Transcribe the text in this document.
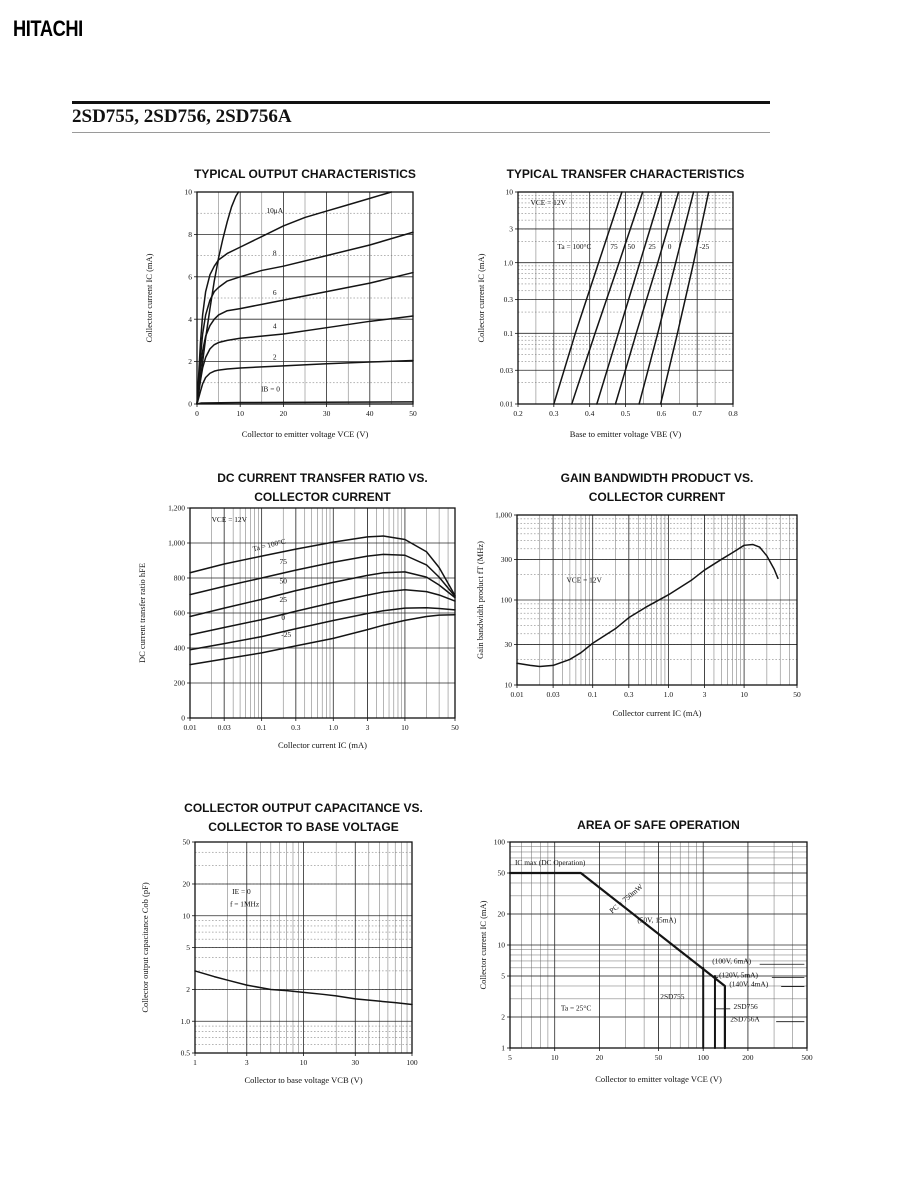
HITACHI
2SD755, 2SD756, 2SD756A
0	10	20	30	40	50
0
2
4
6
8
10
10μA
8
6
4
2
IB = 0
TYPICAL OUTPUT CHARACTERISTICS
Collector to emitter voltage VCE (V)
Collector current IC (mA)
0.2	0.3	0.4	0.5	0.6	0.7	0.8
10
3
1.0
0.3
0.1
0.03
0.01
VCE = 12V
Ta = 100°C	75 50 25 0	-25
TYPICAL TRANSFER CHARACTERISTICS
Base to emitter voltage VBE (V)
Collector current IC (mA)
0.01	0.03	0.1	0.3	1.0	3	10	50
0
200
400
600
800
1,000
1,200
VCE = 12V
Ta = 100°C
75
50
25
0
-25
DC CURRENT TRANSFER RATIO VS. COLLECTOR CURRENT
Collector current IC (mA)
DC current transfer ratio hFE
0.01	0.03	0.1	0.3	1.0	3	10	50
10
30
100
300
1,000
VCE = 12V
GAIN BANDWIDTH PRODUCT VS. COLLECTOR CURRENT
Collector current IC (mA)
Gain bandwidth product fT (MHz)
1	3	10	30	100
50
20
10
5
2
1.0
0.5
IE = 0
f = 1MHz
COLLECTOR OUTPUT CAPACITANCE VS. COLLECTOR TO BASE VOLTAGE
Collector to base voltage VCB (V)
Collector output capacitance Cob (pF)
5	10	20	50	100	200	500
1
2
5
10
20
50
100
IC max (DC Operation)
PC = 750mW
(50V, 15mA)
(100V, 6mA)
(120V, 5mA)
(140V, 4mA)
2SD755
2SD756
2SD756A
Ta = 25°C
AREA OF SAFE OPERATION
Collector to emitter voltage VCE (V)
Collector current IC (mA)
